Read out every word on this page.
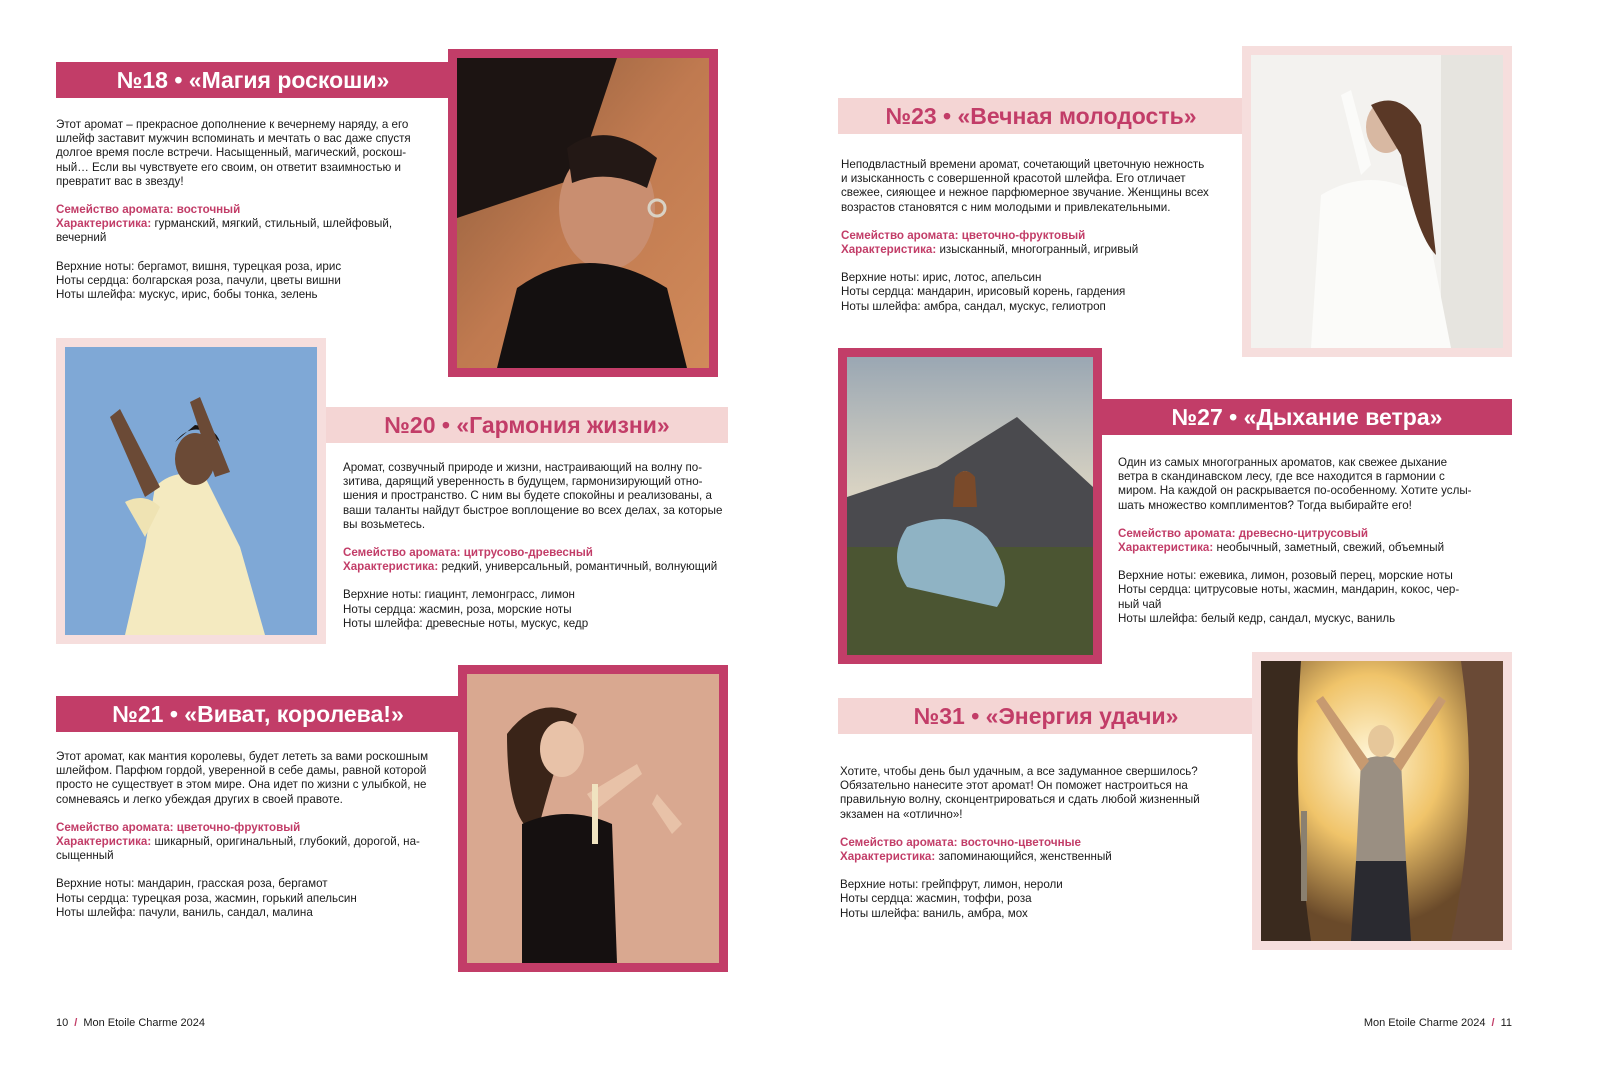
№18 • «Магия роскоши»

Этот аромат – прекрасное дополнение к вечернему наряду, а его

шлейф заставит мужчин вспоминать и мечтать о вас даже спустя

долгое время после встречи. Насыщенный, магический, роскош-

ный… Если вы чувствуете его своим, он ответит взаимностью и

превратит вас в звезду!

Семейство аромата: восточный

Характеристика: гурманский, мягкий, стильный, шлейфовый, вечерний

Верхние ноты: бергамот, вишня, турецкая роза, ирис

Ноты сердца: болгарская роза, пачули, цветы вишни

Ноты шлейфа: мускус, ирис, бобы тонка, зелень

№20 • «Гармония жизни»

Аромат, созвучный природе и жизни, настраивающий на волну по-

зитива, дарящий уверенность в будущем, гармонизирующий отно-

шения и пространство. С ним вы будете спокойны и реализованы, а

ваши таланты найдут быстрое воплощение во всех делах, за которые

вы возьметесь.

Семейство аромата: цитрусово-древесный

Характеристика: редкий, универсальный, романтичный, волнующий

Верхние ноты: гиацинт, лемонграсс, лимон

Ноты сердца: жасмин, роза, морские ноты

Ноты шлейфа: древесные ноты, мускус, кедр

№21 • «Виват, королева!»

Этот аромат, как мантия королевы, будет лететь за вами роскошным

шлейфом. Парфюм гордой, уверенной в себе дамы, равной которой

просто не существует в этом мире. Она идет по жизни с улыбкой, не

сомневаясь и легко убеждая других в своей правоте.

Семейство аромата: цветочно-фруктовый

Характеристика: шикарный, оригинальный, глубокий, дорогой, на-

сыщенный

Верхние ноты: мандарин, грасская роза, бергамот

Ноты сердца: турецкая роза, жасмин, горький апельсин

Ноты шлейфа: пачули, ваниль, сандал, малина

10 / Mon Etoile Charme 2024
№23 • «Вечная молодость»

Неподвластный времени аромат, сочетающий цветочную нежность

и изысканность с совершенной красотой шлейфа. Его отличает

свежее, сияющее и нежное парфюмерное звучание. Женщины всех

возрастов становятся с ним молодыми и привлекательными.

Семейство аромата: цветочно-фруктовый

Характеристика: изысканный, многогранный, игривый

Верхние ноты: ирис, лотос, апельсин

Ноты сердца: мандарин, ирисовый корень, гардения

Ноты шлейфа: амбра, сандал, мускус, гелиотроп

№27 • «Дыхание ветра»

Один из самых многогранных ароматов, как свежее дыхание

ветра в скандинавском лесу, где все находится в гармонии с

миром. На каждой он раскрывается по-особенному. Хотите услы-

шать множество комплиментов? Тогда выбирайте его!

Семейство аромата: древесно-цитрусовый

Характеристика: необычный, заметный, свежий, объемный

Верхние ноты: ежевика, лимон, розовый перец, морские ноты

Ноты сердца: цитрусовые ноты, жасмин, мандарин, кокос, чер-

ный чай

Ноты шлейфа: белый кедр, сандал, мускус, ваниль

№31 • «Энергия удачи»

Хотите, чтобы день был удачным, а все задуманное свершилось?

Обязательно нанесите этот аромат! Он поможет настроиться на

правильную волну, сконцентрироваться и сдать любой жизненный

экзамен на «отлично»!

Семейство аромата: восточно-цветочные

Характеристика: запоминающийся, женственный

Верхние ноты: грейпфрут, лимон, нероли

Ноты сердца: жасмин, тоффи, роза

Ноты шлейфа: ваниль, амбра, мох

Mon Etoile Charme 2024 / 11
